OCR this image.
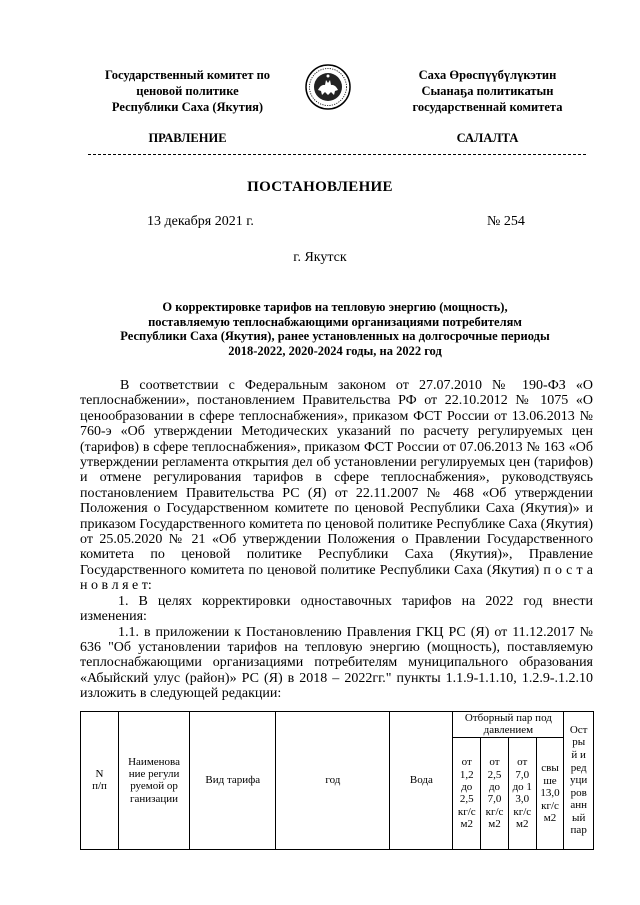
Государственный комитет по
ценовой политике
Республики Саха (Якутия)
Саха Өрөспүүбүлүкэтин
Сыанаҕа политикатын
государственнай комитета
ПРАВЛЕНИЕ	САЛАЛТА
ПОСТАНОВЛЕНИЕ
13 декабря 2021 г.	№ 254
г. Якутск
О корректировке тарифов на тепловую энергию (мощность),
поставляемую теплоснабжающими организациями потребителям
Республики Саха (Якутия), ранее установленных на долгосрочные периоды
2018-2022, 2020-2024 годы, на 2022 год

В соответствии с Федеральным законом от 27.07.2010 № 190-ФЗ «О теплоснабжении», постановлением Правительства РФ от 22.10.2012 № 1075 «О ценообразовании в сфере теплоснабжения», приказом ФСТ России от 13.06.2013 № 760-э «Об утверждении Методических указаний по расчету регулируемых цен (тарифов) в сфере теплоснабжения», приказом ФСТ России от 07.06.2013 № 163 «Об утверждении регламента открытия дел об установлении регулируемых цен (тарифов) и отмене регулирования тарифов в сфере теплоснабжения», руководствуясь постановлением Правительства РС (Я) от 22.11.2007 № 468 «Об утверждении Положения о Государственном комитете по ценовой Республики Саха (Якутия)» и приказом Государственного комитета по ценовой политике Республике Саха (Якутия) от 25.05.2020 № 21 «Об утверждении Положения о Правлении Государственного комитета по ценовой политике Республики Саха (Якутия)», Правление Государственного комитета по ценовой политике Республики Саха (Якутия) п о с т а н о в л я е т:

1. В целях корректировки одноставочных тарифов на 2022 год внести изменения:

1.1. в приложении к Постановлению Правления ГКЦ РС (Я) от 11.12.2017 № 636 "Об установлении тарифов на тепловую энергию (мощность), поставляемую теплоснабжающими организациями потребителям муниципального образования «Абыйский улус (район)» РС (Я) в 2018 – 2022гг." пункты 1.1.9-1.1.10, 1.2.9-.1.2.10 изложить в следующей редакции:

N п/п	Наименование регулируемой организации	Вид тарифа	год	Вода	Отборный пар под давлением				Острый и редуцированный пар

					от 1,2 до 2,5 кг/см2	от 2,5 до 7,0 кг/см2	от 7,0 до 13,0 кг/см2	свыше 13,0 кг/см2	
